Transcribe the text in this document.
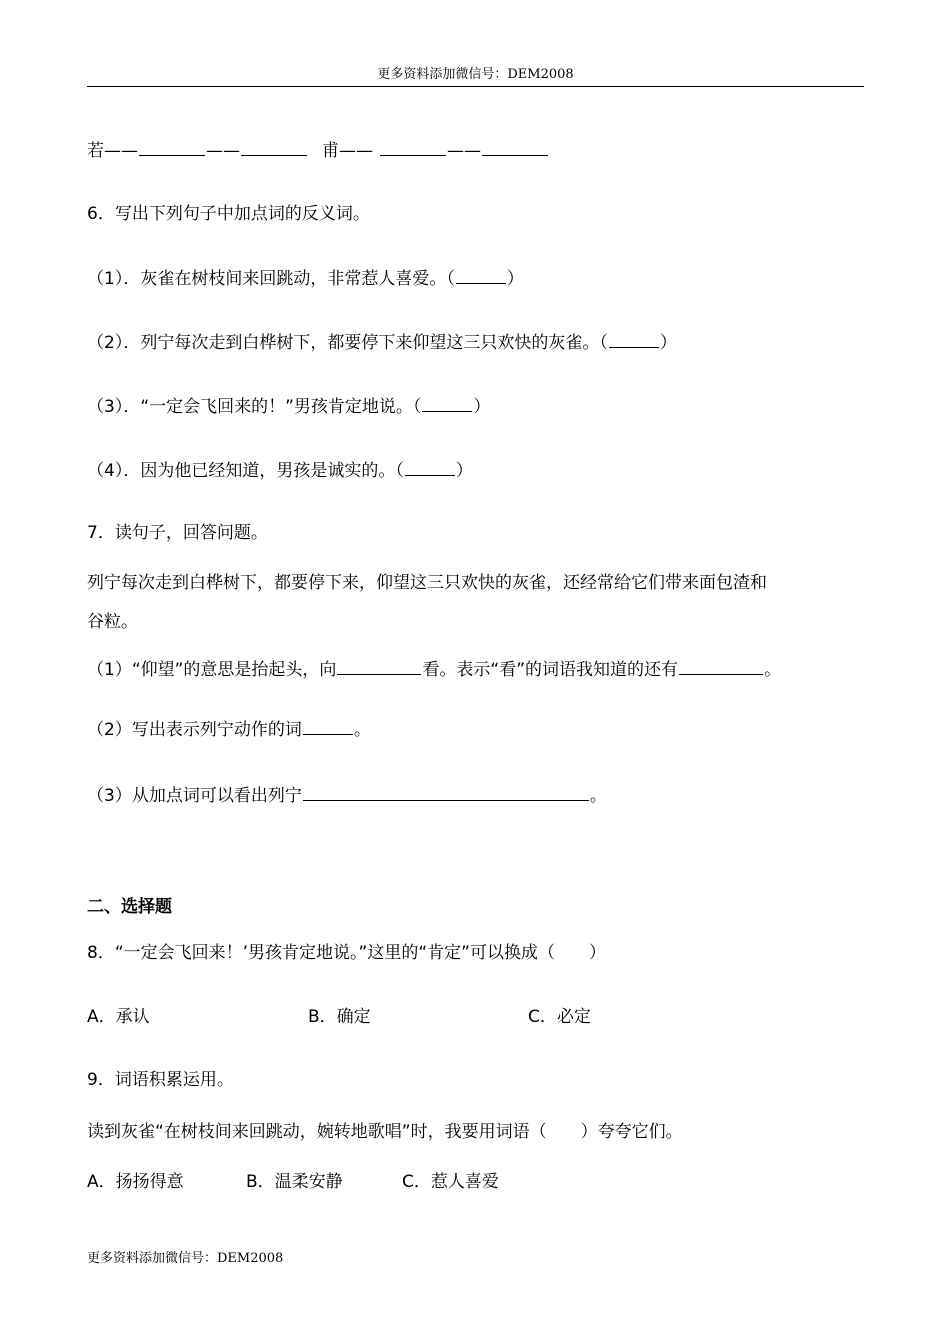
更多资料添加微信号：DEM2008
若——	——	甫——	——
6．写出下列句子中加点词的反义词。
（1）．灰雀在树枝间来回跳动，非常惹人喜爱。（	）
（2）．列宁每次走到白桦树下，都要停下来仰望这三只欢快的灰雀。（	）
（3）．“一定会飞回来的！”男孩肯定地说。（	）
（4）．因为他已经知道，男孩是诚实的。（	）
7．读句子，回答问题。
列宁每次走到白桦树下，都要停下来，仰望这三只欢快的灰雀，还经常给它们带来面包渣和
谷粒。
（1）“仰望”的意思是抬起头，向	看。表示“看”的词语我知道的还有	。
（2）写出表示列宁动作的词	。
（3）从加点词可以看出列宁	。
二、选择题
8．“一定会飞回来！’男孩肯定地说。”这里的“肯定”可以换成（　　）
A．承认	B．确定	C．必定
9．词语积累运用。
读到灰雀“在树枝间来回跳动，婉转地歌唱”时，我要用词语（　　）夸夸它们。
A．扬扬得意	B．温柔安静	C．惹人喜爱
更多资料添加微信号：DEM2008
